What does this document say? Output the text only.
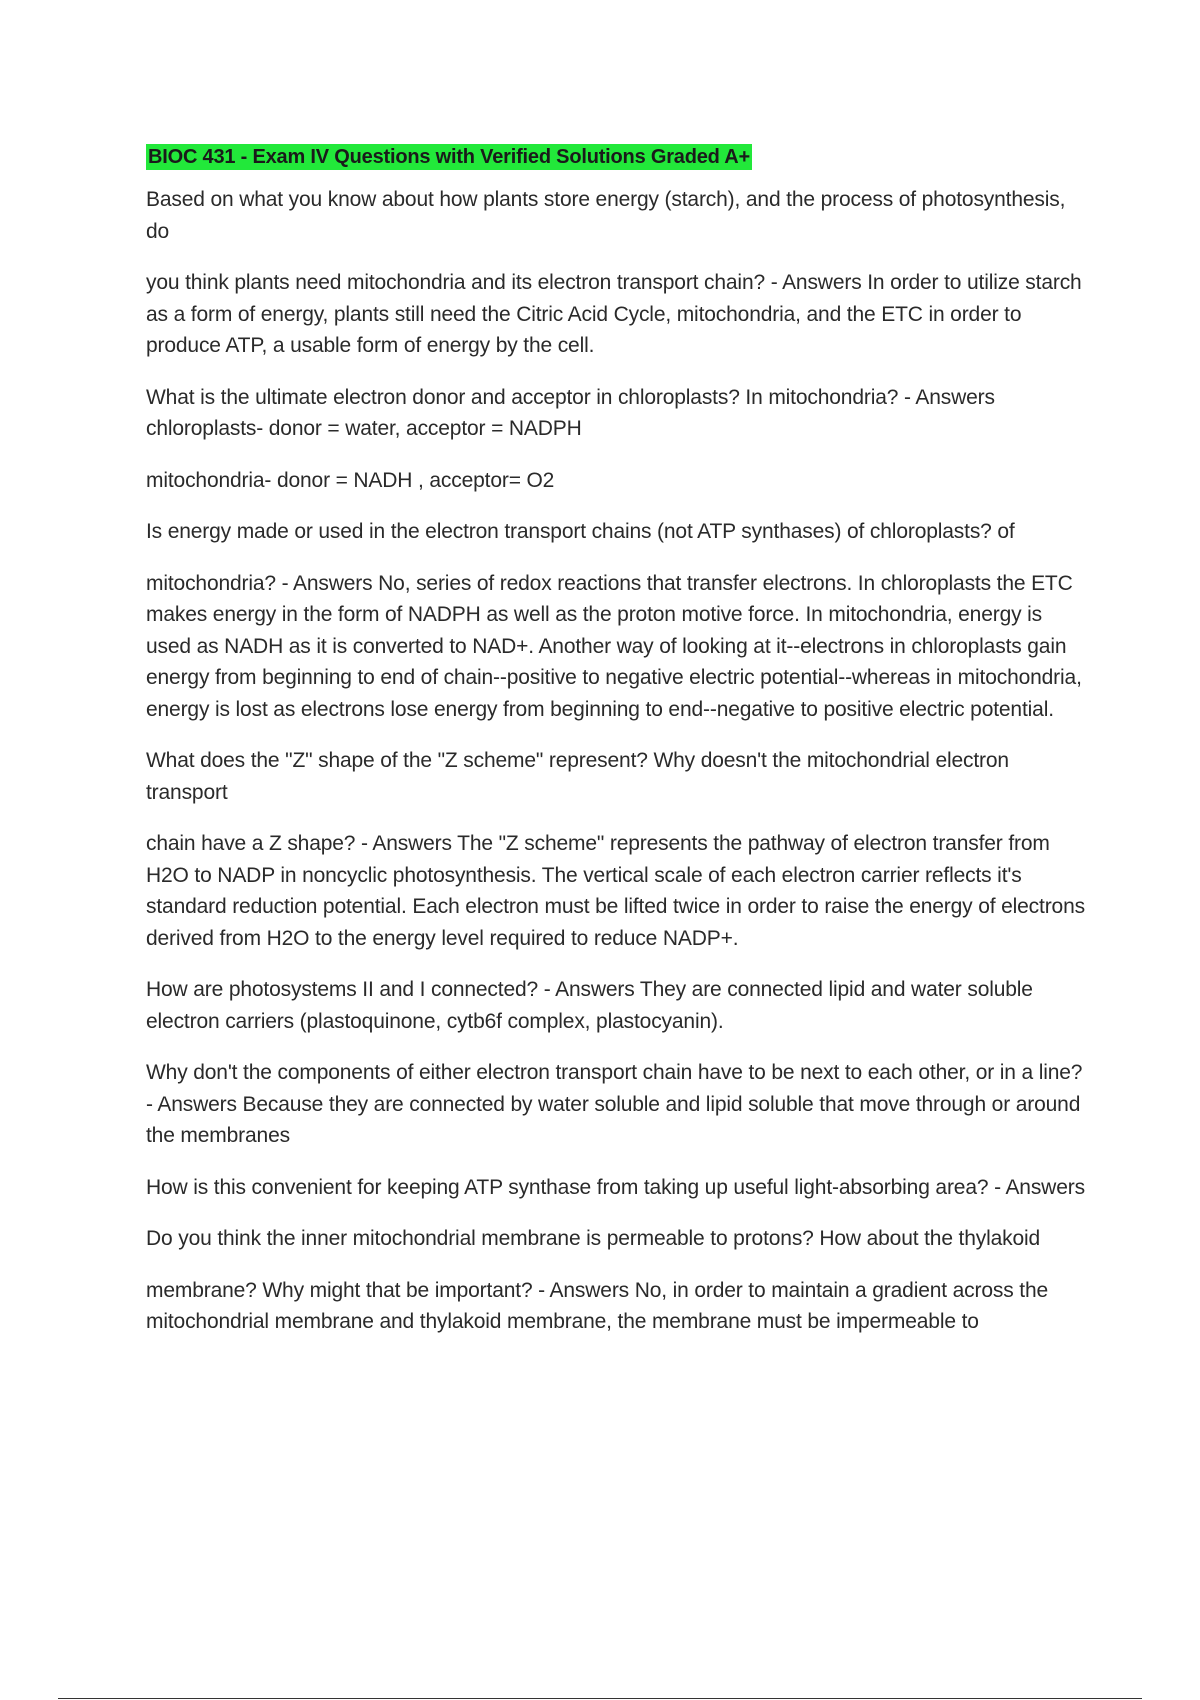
BIOC 431 - Exam IV Questions with Verified Solutions Graded A+

Based on what you know about how plants store energy (starch), and the process of photosynthesis, do

you think plants need mitochondria and its electron transport chain? - Answers In order to utilize starch as a form of energy, plants still need the Citric Acid Cycle, mitochondria, and the ETC in order to produce ATP, a usable form of energy by the cell.

What is the ultimate electron donor and acceptor in chloroplasts? In mitochondria? - Answers chloroplasts- donor = water, acceptor = NADPH

mitochondria- donor = NADH , acceptor= O2

Is energy made or used in the electron transport chains (not ATP synthases) of chloroplasts? of

mitochondria? - Answers No, series of redox reactions that transfer electrons. In chloroplasts the ETC makes energy in the form of NADPH as well as the proton motive force. In mitochondria, energy is used as NADH as it is converted to NAD+. Another way of looking at it--electrons in chloroplasts gain energy from beginning to end of chain--positive to negative electric potential--whereas in mitochondria, energy is lost as electrons lose energy from beginning to end--negative to positive electric potential.

What does the "Z" shape of the "Z scheme" represent? Why doesn't the mitochondrial electron transport

chain have a Z shape? - Answers The "Z scheme" represents the pathway of electron transfer from H2O to NADP in noncyclic photosynthesis. The vertical scale of each electron carrier reflects it's standard reduction potential. Each electron must be lifted twice in order to raise the energy of electrons derived from H2O to the energy level required to reduce NADP+.

How are photosystems II and I connected? - Answers They are connected lipid and water soluble electron carriers (plastoquinone, cytb6f complex, plastocyanin).

Why don't the components of either electron transport chain have to be next to each other, or in a line? - Answers Because they are connected by water soluble and lipid soluble that move through or around the membranes

How is this convenient for keeping ATP synthase from taking up useful light-absorbing area? - Answers

Do you think the inner mitochondrial membrane is permeable to protons? How about the thylakoid

membrane? Why might that be important? - Answers No, in order to maintain a gradient across the mitochondrial membrane and thylakoid membrane, the membrane must be impermeable to
